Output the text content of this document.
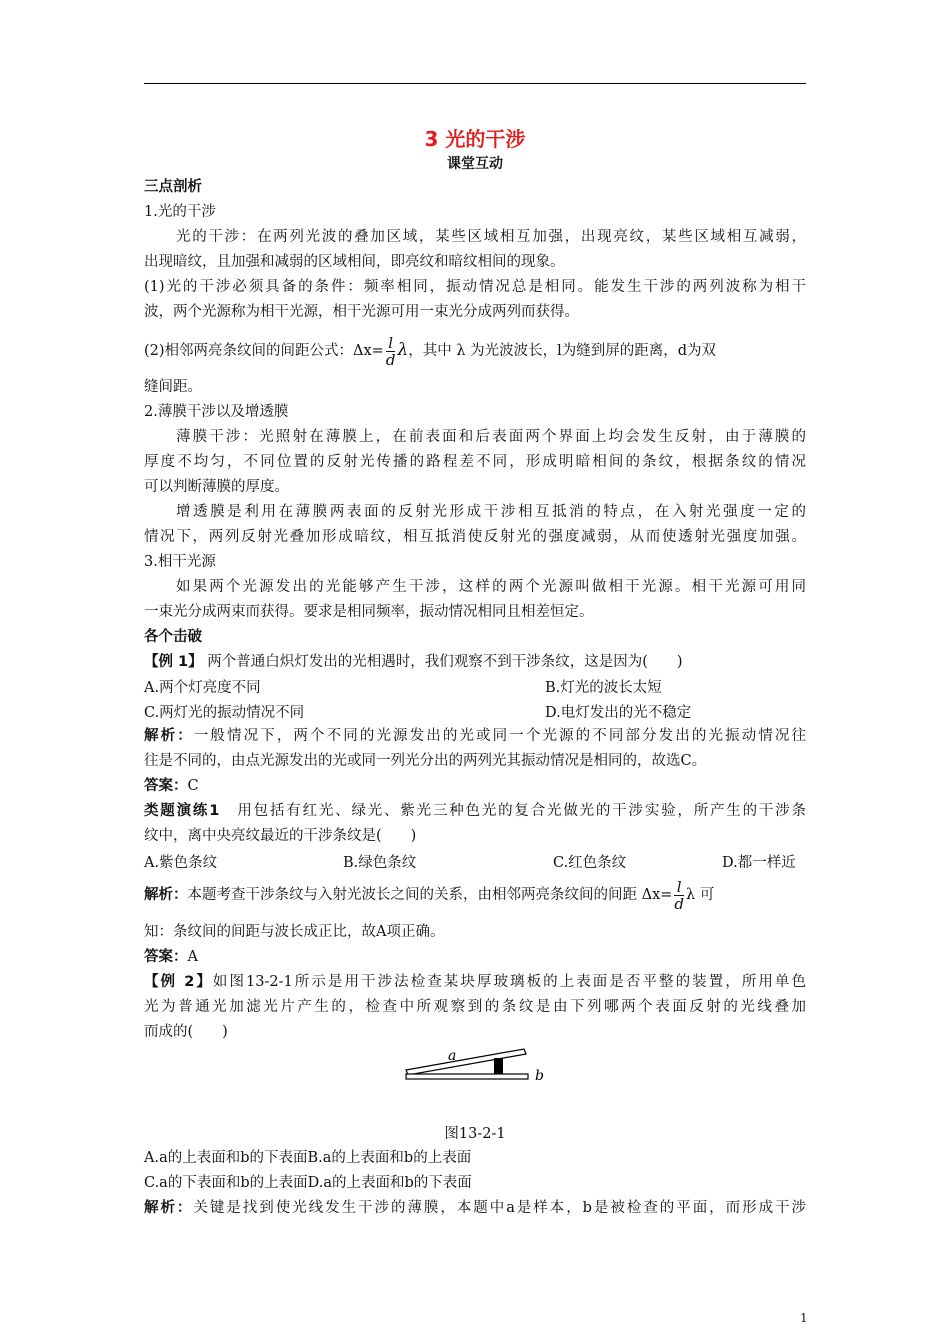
3 光的干涉
课堂互动
三点剖析
1.光的干涉
光的干涉：在两列光波的叠加区域，某些区域相互加强，出现亮纹，某些区域相互减弱，
出现暗纹，且加强和减弱的区域相间，即亮纹和暗纹相间的现象。
(1)光的干涉必须具备的条件：频率相同，振动情况总是相同。能发生干涉的两列波称为相干
波，两个光源称为相干光源，相干光源可用一束光分成两列而获得。
(2)相邻两亮条纹间的间距公式：$\Delta x= \frac{l}{d}$ λ，其中 λ 为光波波长，l为缝到屏的距离，d为双
缝间距。
2.薄膜干涉以及增透膜
薄膜干涉：光照射在薄膜上，在前表面和后表面两个界面上均会发生反射，由于薄膜的
厚度不均匀，不同位置的反射光传播的路程差不同，形成明暗相间的条纹，根据条纹的情况
可以判断薄膜的厚度。
增透膜是利用在薄膜两表面的反射光形成干涉相互抵消的特点，在入射光强度一定的
情况下，两列反射光叠加形成暗纹，相互抵消使反射光的强度减弱，从而使透射光强度加强。
3.相干光源
如果两个光源发出的光能够产生干涉，这样的两个光源叫做相干光源。相干光源可用同
一束光分成两束而获得。要求是相同频率，振动情况相同且相差恒定。
各个击破
【例 1】 两个普通白炽灯发出的光相遇时，我们观察不到干涉条纹，这是因为(　　)
A.两个灯亮度不同	B.灯光的波长太短
C.两灯光的振动情况不同	D.电灯发出的光不稳定
解析：一般情况下，两个不同的光源发出的光或同一个光源的不同部分发出的光振动情况往
往是不同的，由点光源发出的光或同一列光分出的两列光其振动情况是相同的，故选C。
答案：C
类题演练1　用包括有红光、绿光、紫光三种色光的复合光做光的干涉实验，所产生的干涉条
纹中，离中央亮纹最近的干涉条纹是(　　)
A.紫色条纹	B.绿色条纹	C.红色条纹	D.都一样近
解析：本题考查干涉条纹与入射光波长之间的关系，由相邻两亮条纹间的间距 $\Delta x= \frac{l}{d}$ λ 可
知：条纹间的间距与波长成正比，故A项正确。
答案：A
【例 2】如图13-2-1所示是用干涉法检查某块厚玻璃板的上表面是否平整的装置，所用单色
光为普通光加滤光片产生的，检查中所观察到的条纹是由下列哪两个表面反射的光线叠加
而成的(　　)
a
b
图13-2-1
A.a的上表面和b的下表面B.a的上表面和b的上表面
C.a的下表面和b的上表面D.a的上表面和b的下表面
解析：关键是找到使光线发生干涉的薄膜，本题中a是样本，b是被检查的平面，而形成干涉
1
